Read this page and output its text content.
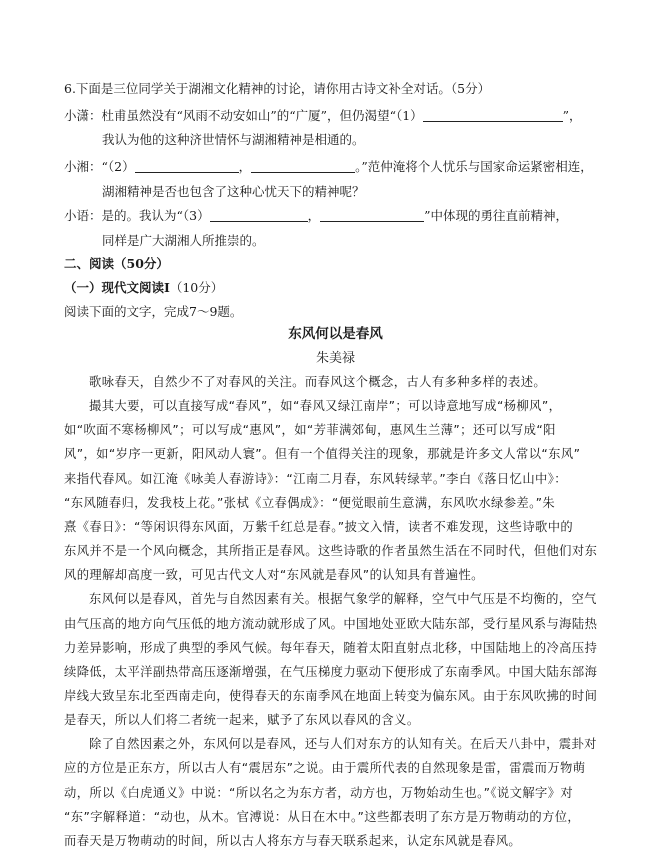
6.下面是三位同学关于湖湘文化精神的讨论，请你用古诗文补全对话。（5分）
小潇：杜甫虽然没有“风雨不动安如山”的“广厦”，但仍渴望“（1）	”，
我认为他的这种济世情怀与湖湘精神是相通的。
小湘：“（2）	，	。”范仲淹将个人忧乐与国家命运紧密相连，
湖湘精神是否也包含了这种心忧天下的精神呢？
小语：是的。我认为“（3）	，	”中体现的勇往直前精神，
同样是广大湖湘人所推崇的。
二、阅读（50分）
（一）现代文阅读Ⅰ（10分）
阅读下面的文字，完成7～9题。
东风何以是春风
朱美禄
歌咏春天，自然少不了对春风的关注。而春风这个概念，古人有多种多样的表述。
撮其大要，可以直接写成“春风”，如“春风又绿江南岸”；可以诗意地写成“杨柳风”，
如“吹面不寒杨柳风”；可以写成“惠风”，如“芳菲满郊甸，惠风生兰薄”；还可以写成“阳
风”，如“岁序一更新，阳风动人寰”。但有一个值得关注的现象，那就是许多文人常以“东风”
来指代春风。如江淹《咏美人春游诗》：“江南二月春，东风转绿苹。”李白《落日忆山中》：
“东风随春归，发我枝上花。”张栻《立春偶成》：“便觉眼前生意满，东风吹水绿参差。”朱
熹《春日》：“等闲识得东风面，万紫千红总是春。”披文入情，读者不难发现，这些诗歌中的
东风并不是一个风向概念，其所指正是春风。这些诗歌的作者虽然生活在不同时代，但他们对东
风的理解却高度一致，可见古代文人对“东风就是春风”的认知具有普遍性。
东风何以是春风，首先与自然因素有关。根据气象学的解释，空气中气压是不均衡的，空气
由气压高的地方向气压低的地方流动就形成了风。中国地处亚欧大陆东部，受行星风系与海陆热
力差异影响，形成了典型的季风气候。每年春天，随着太阳直射点北移，中国陆地上的冷高压持
续降低，太平洋副热带高压逐渐增强，在气压梯度力驱动下便形成了东南季风。中国大陆东部海
岸线大致呈东北至西南走向，使得春天的东南季风在地面上转变为偏东风。由于东风吹拂的时间
是春天，所以人们将二者统一起来，赋予了东风以春风的含义。
除了自然因素之外，东风何以是春风，还与人们对东方的认知有关。在后天八卦中，震卦对
应的方位是正东方，所以古人有“震居东”之说。由于震所代表的自然现象是雷，雷震而万物萌
动，所以《白虎通义》中说：“所以名之为东方者，动方也，万物始动生也。”《说文解字》对
“东”字解释道：“动也，从木。官溥说：从日在木中。”这些都表明了东方是万物萌动的方位，
而春天是万物萌动的时间，所以古人将东方与春天联系起来，认定东风就是春风。
